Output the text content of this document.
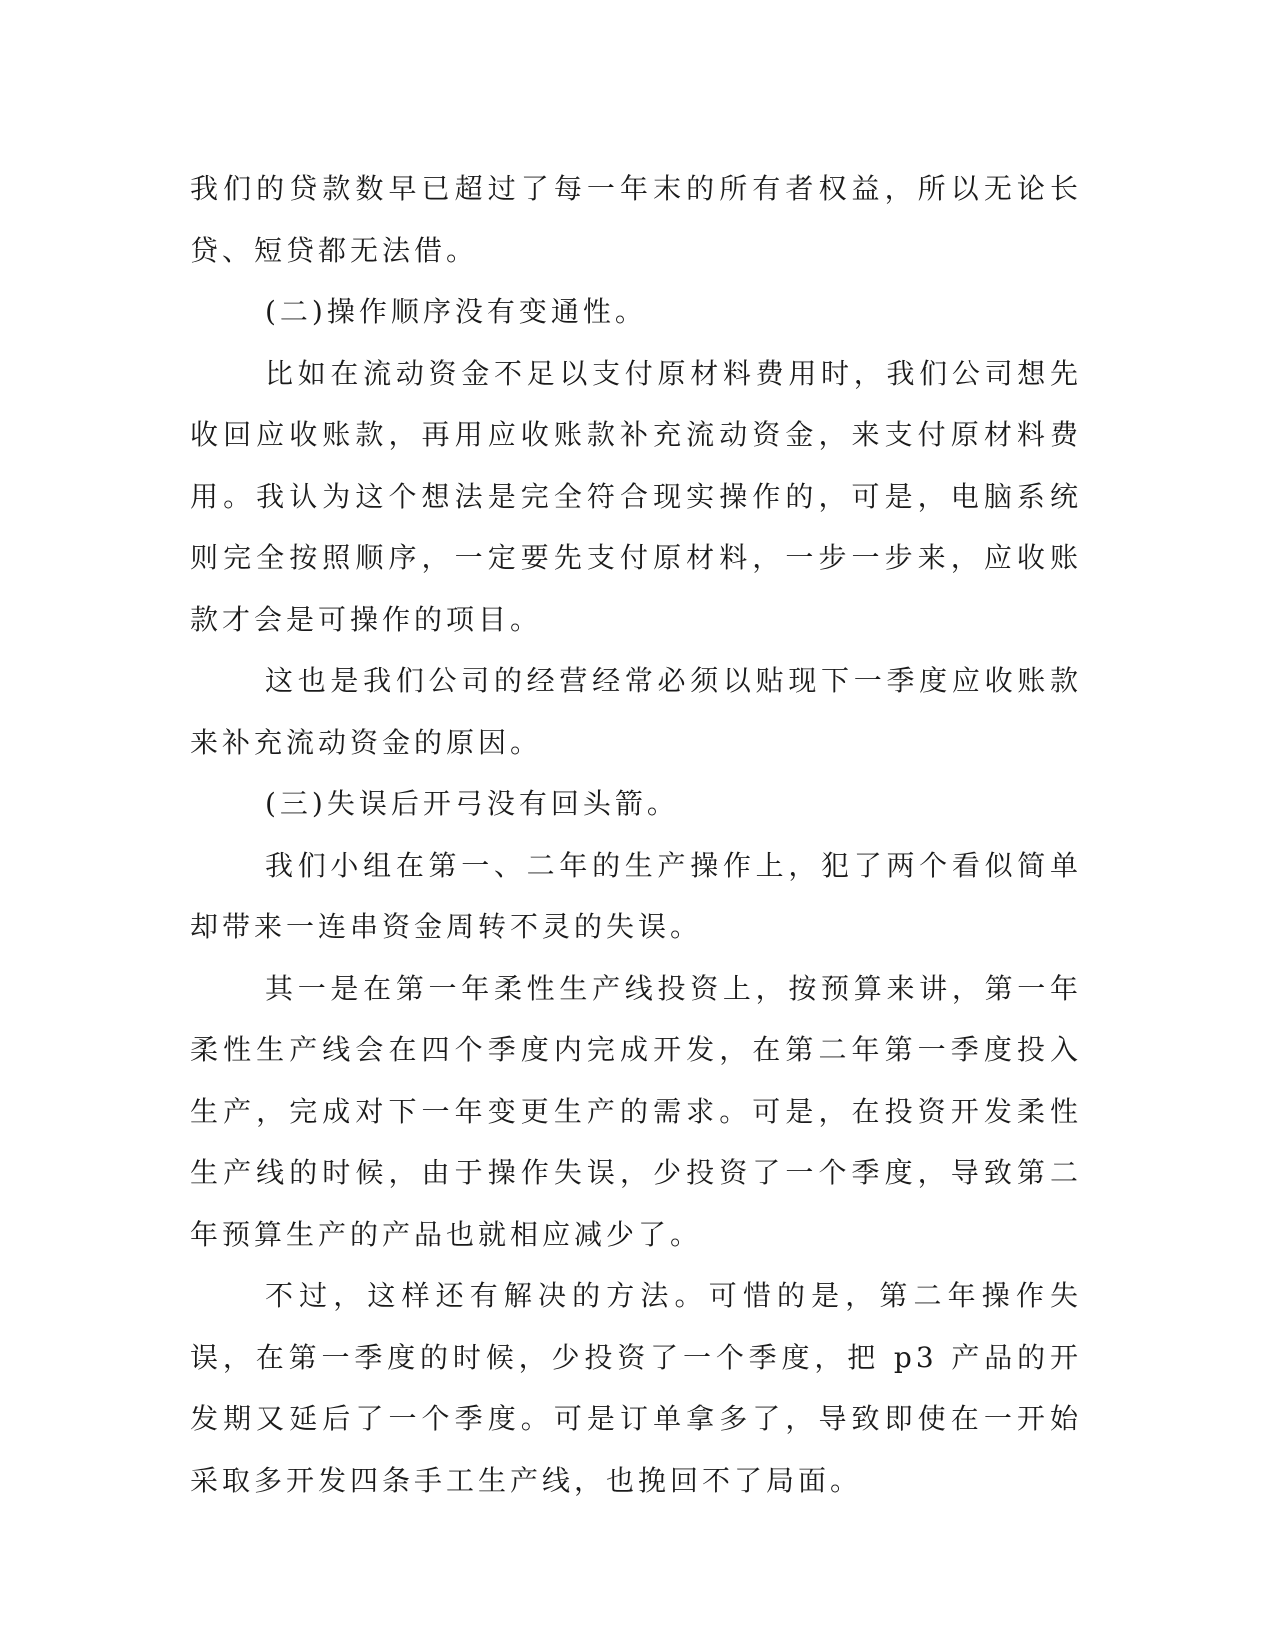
我们的贷款数早已超过了每一年末的所有者权益，所以无论长贷、短贷都无法借。

(二)操作顺序没有变通性。

比如在流动资金不足以支付原材料费用时，我们公司想先收回应收账款，再用应收账款补充流动资金，来支付原材料费用。我认为这个想法是完全符合现实操作的，可是，电脑系统则完全按照顺序，一定要先支付原材料，一步一步来，应收账款才会是可操作的项目。

这也是我们公司的经营经常必须以贴现下一季度应收账款来补充流动资金的原因。

(三)失误后开弓没有回头箭。

我们小组在第一、二年的生产操作上，犯了两个看似简单却带来一连串资金周转不灵的失误。

其一是在第一年柔性生产线投资上，按预算来讲，第一年柔性生产线会在四个季度内完成开发，在第二年第一季度投入生产，完成对下一年变更生产的需求。可是，在投资开发柔性生产线的时候，由于操作失误，少投资了一个季度，导致第二年预算生产的产品也就相应减少了。

不过，这样还有解决的方法。可惜的是，第二年操作失误，在第一季度的时候，少投资了一个季度，把 p3 产品的开发期又延后了一个季度。可是订单拿多了，导致即使在一开始采取多开发四条手工生产线，也挽回不了局面。
